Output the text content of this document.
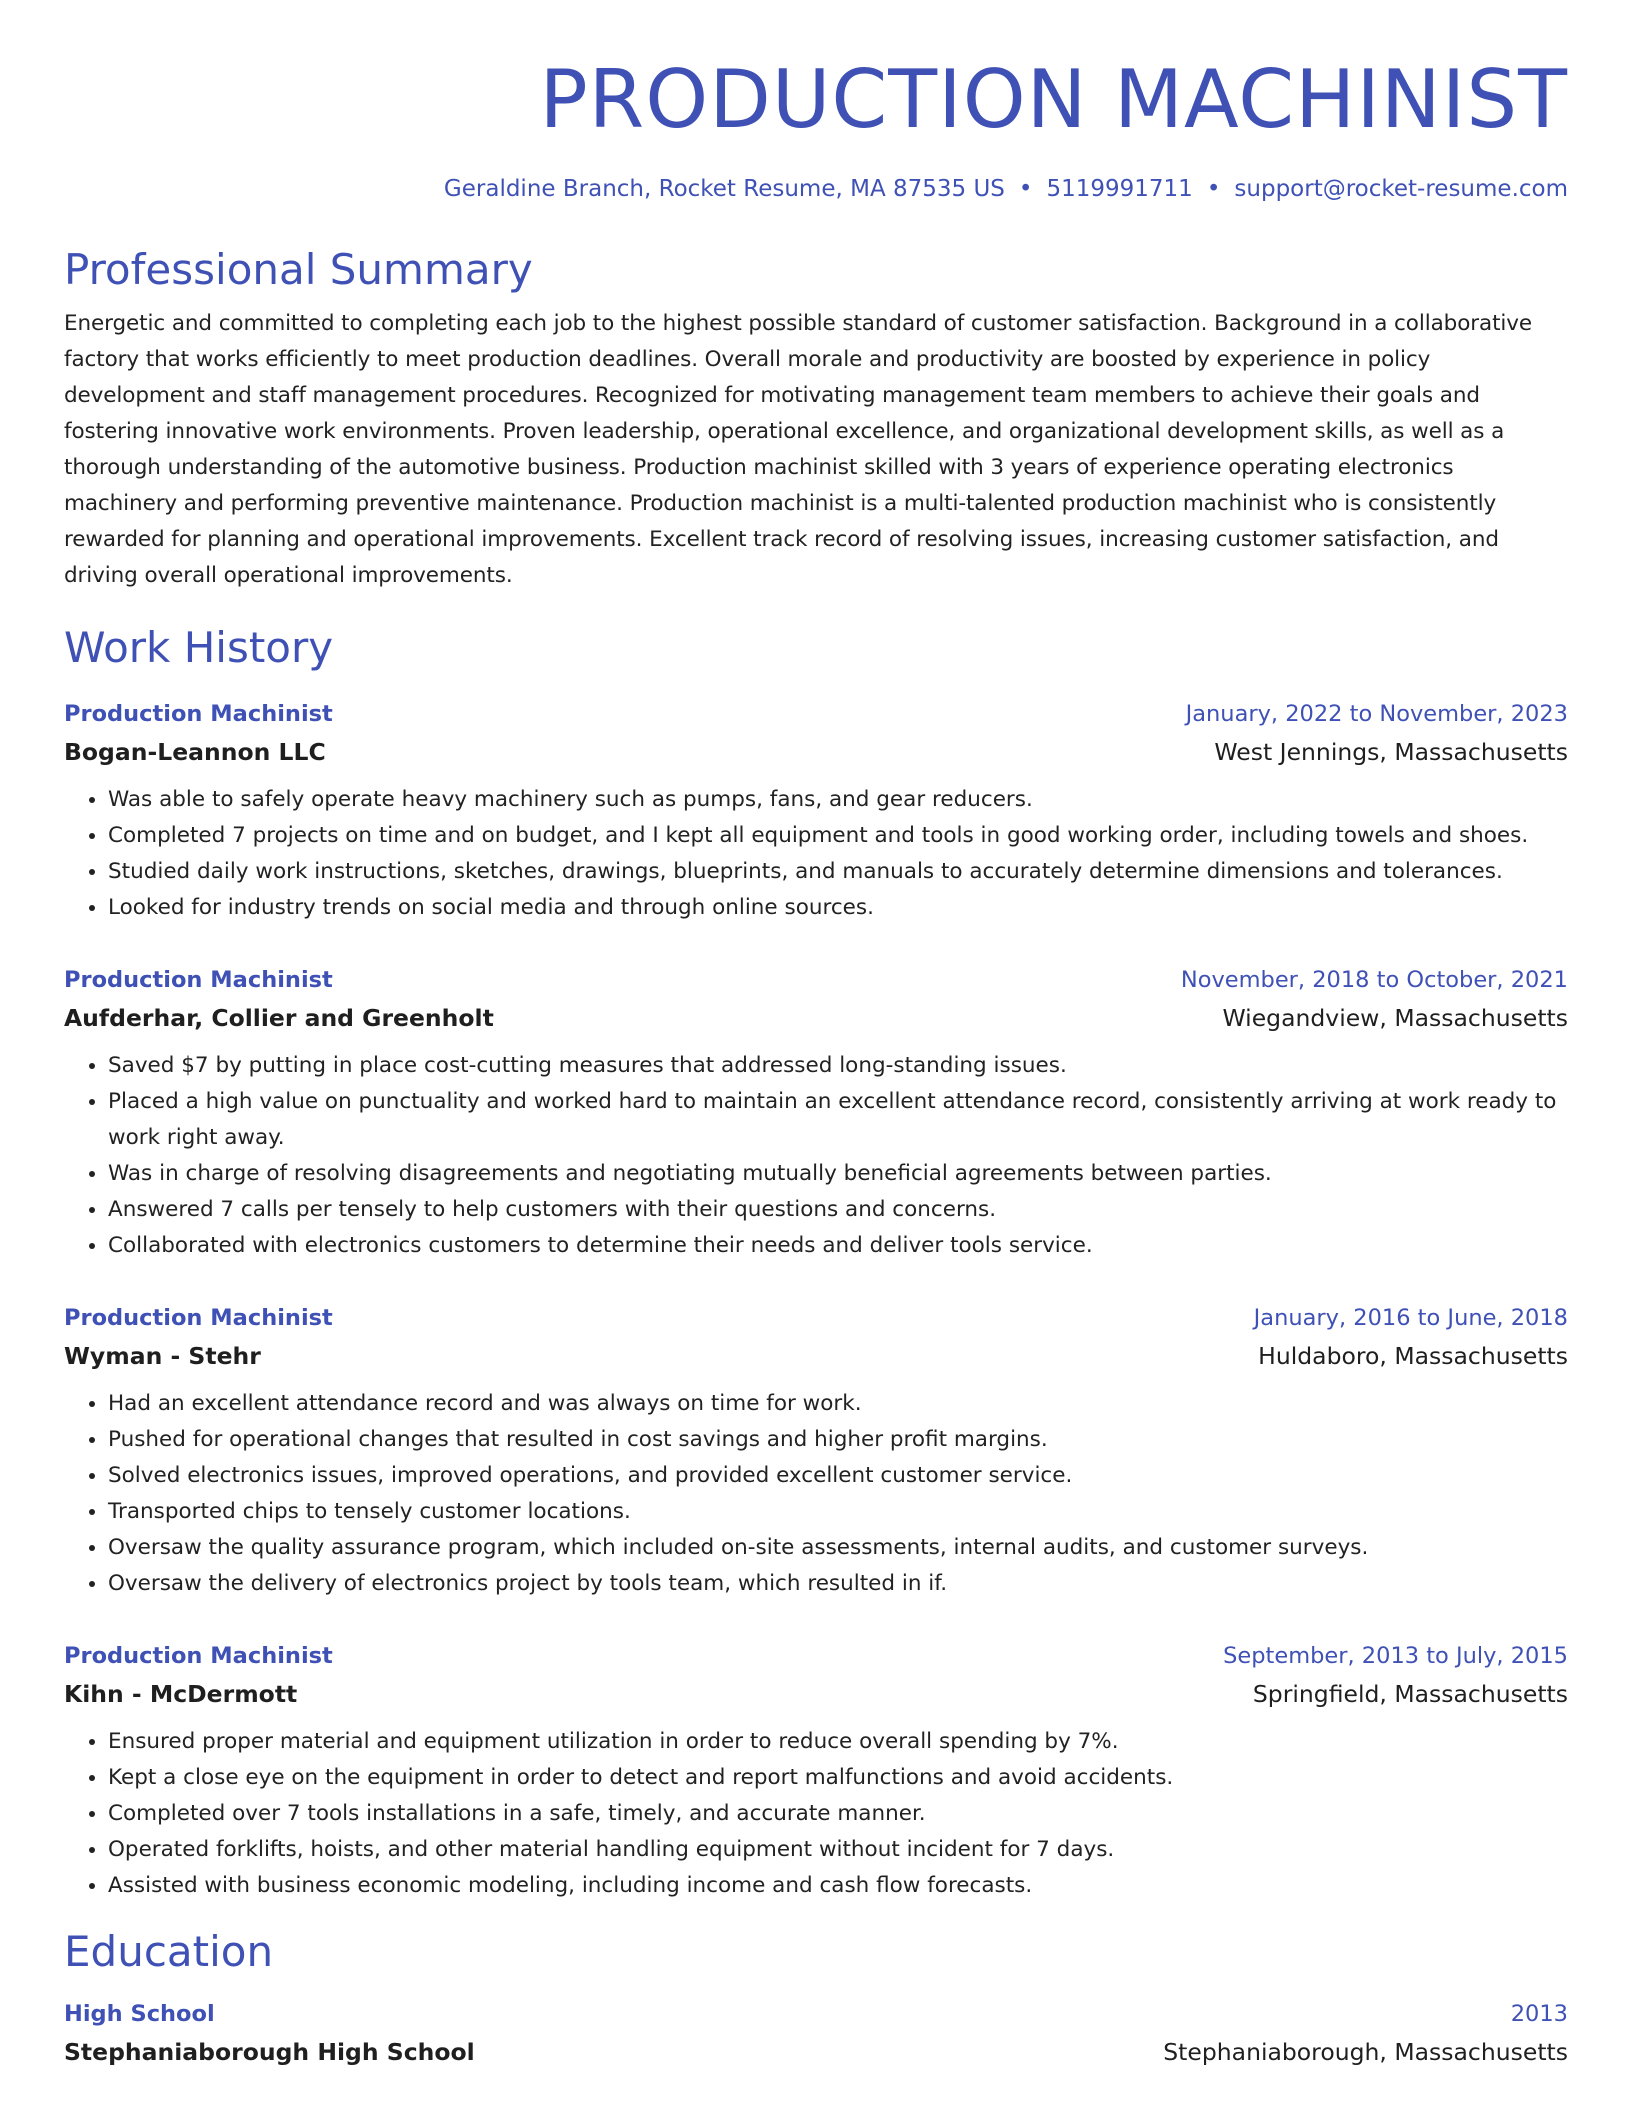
PRODUCTION MACHINIST
Geraldine Branch, Rocket Resume, MA 87535 US • 5119991711 • support@rocket-resume.com
Professional Summary
Energetic and committed to completing each job to the highest possible standard of customer satisfaction. Background in a collaborative factory that works efficiently to meet production deadlines. Overall morale and productivity are boosted by experience in policy development and staff management procedures. Recognized for motivating management team members to achieve their goals and fostering innovative work environments. Proven leadership, operational excellence, and organizational development skills, as well as a thorough understanding of the automotive business. Production machinist skilled with 3 years of experience operating electronics machinery and performing preventive maintenance. Production machinist is a multi-talented production machinist who is consistently rewarded for planning and operational improvements. Excellent track record of resolving issues, increasing customer satisfaction, and driving overall operational improvements.
Work History
Production Machinist	January, 2022 to November, 2023
Bogan-Leannon LLC	West Jennings, Massachusetts
• Was able to safely operate heavy machinery such as pumps, fans, and gear reducers.
• Completed 7 projects on time and on budget, and I kept all equipment and tools in good working order, including towels and shoes.
• Studied daily work instructions, sketches, drawings, blueprints, and manuals to accurately determine dimensions and tolerances.
• Looked for industry trends on social media and through online sources.
Production Machinist	November, 2018 to October, 2021
Aufderhar, Collier and Greenholt	Wiegandview, Massachusetts
• Saved $7 by putting in place cost-cutting measures that addressed long-standing issues.
• Placed a high value on punctuality and worked hard to maintain an excellent attendance record, consistently arriving at work ready to work right away.
• Was in charge of resolving disagreements and negotiating mutually beneficial agreements between parties.
• Answered 7 calls per tensely to help customers with their questions and concerns.
• Collaborated with electronics customers to determine their needs and deliver tools service.
Production Machinist	January, 2016 to June, 2018
Wyman - Stehr	Huldaboro, Massachusetts
• Had an excellent attendance record and was always on time for work.
• Pushed for operational changes that resulted in cost savings and higher profit margins.
• Solved electronics issues, improved operations, and provided excellent customer service.
• Transported chips to tensely customer locations.
• Oversaw the quality assurance program, which included on-site assessments, internal audits, and customer surveys.
• Oversaw the delivery of electronics project by tools team, which resulted in if.
Production Machinist	September, 2013 to July, 2015
Kihn - McDermott	Springfield, Massachusetts
• Ensured proper material and equipment utilization in order to reduce overall spending by 7%.
• Kept a close eye on the equipment in order to detect and report malfunctions and avoid accidents.
• Completed over 7 tools installations in a safe, timely, and accurate manner.
• Operated forklifts, hoists, and other material handling equipment without incident for 7 days.
• Assisted with business economic modeling, including income and cash flow forecasts.
Education
High School	2013
Stephaniaborough High School	Stephaniaborough, Massachusetts
